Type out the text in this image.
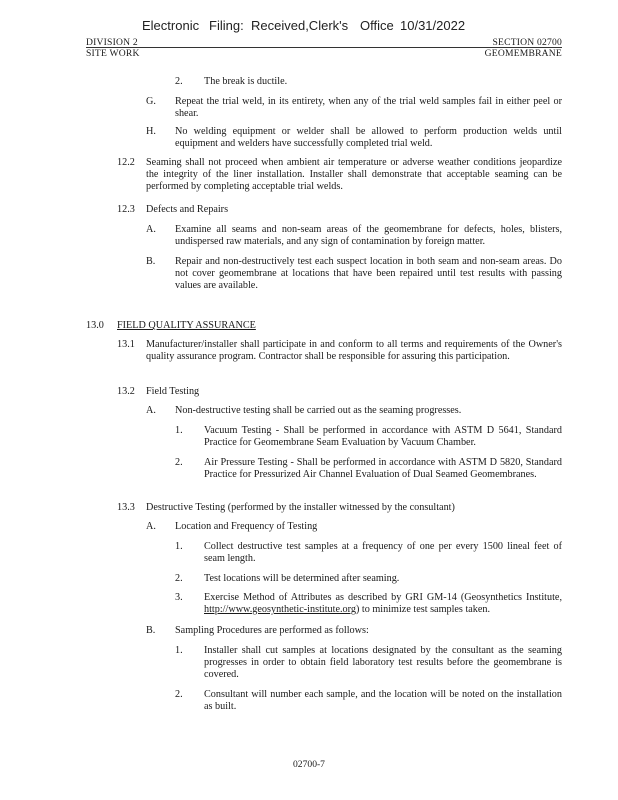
Electronic Filing: Received,Clerk's Office 10/31/2022
DIVISION 2
SITE WORK
SECTION 02700
GEOMEMBRANE
2. The break is ductile.
G. Repeat the trial weld, in its entirety, when any of the trial weld samples fail in either peel or shear.
H. No welding equipment or welder shall be allowed to perform production welds until equipment and welders have successfully completed trial weld.
12.2 Seaming shall not proceed when ambient air temperature or adverse weather conditions jeopardize the integrity of the liner installation. Installer shall demonstrate that acceptable seaming can be performed by completing acceptable trial welds.
12.3 Defects and Repairs
A. Examine all seams and non-seam areas of the geomembrane for defects, holes, blisters, undispersed raw materials, and any sign of contamination by foreign matter.
B. Repair and non-destructively test each suspect location in both seam and non-seam areas. Do not cover geomembrane at locations that have been repaired until test results with passing values are available.
13.0 FIELD QUALITY ASSURANCE
13.1 Manufacturer/installer shall participate in and conform to all terms and requirements of the Owner's quality assurance program. Contractor shall be responsible for assuring this participation.
13.2 Field Testing
A. Non-destructive testing shall be carried out as the seaming progresses.
1. Vacuum Testing - Shall be performed in accordance with ASTM D 5641, Standard Practice for Geomembrane Seam Evaluation by Vacuum Chamber.
2. Air Pressure Testing - Shall be performed in accordance with ASTM D 5820, Standard Practice for Pressurized Air Channel Evaluation of Dual Seamed Geomembranes.
13.3 Destructive Testing (performed by the installer witnessed by the consultant)
A. Location and Frequency of Testing
1. Collect destructive test samples at a frequency of one per every 1500 lineal feet of seam length.
2. Test locations will be determined after seaming.
3. Exercise Method of Attributes as described by GRI GM-14 (Geosynthetics Institute, http://www.geosynthetic-institute.org) to minimize test samples taken.
B. Sampling Procedures are performed as follows:
1. Installer shall cut samples at locations designated by the consultant as the seaming progresses in order to obtain field laboratory test results before the geomembrane is covered.
2. Consultant will number each sample, and the location will be noted on the installation as built.
02700-7
